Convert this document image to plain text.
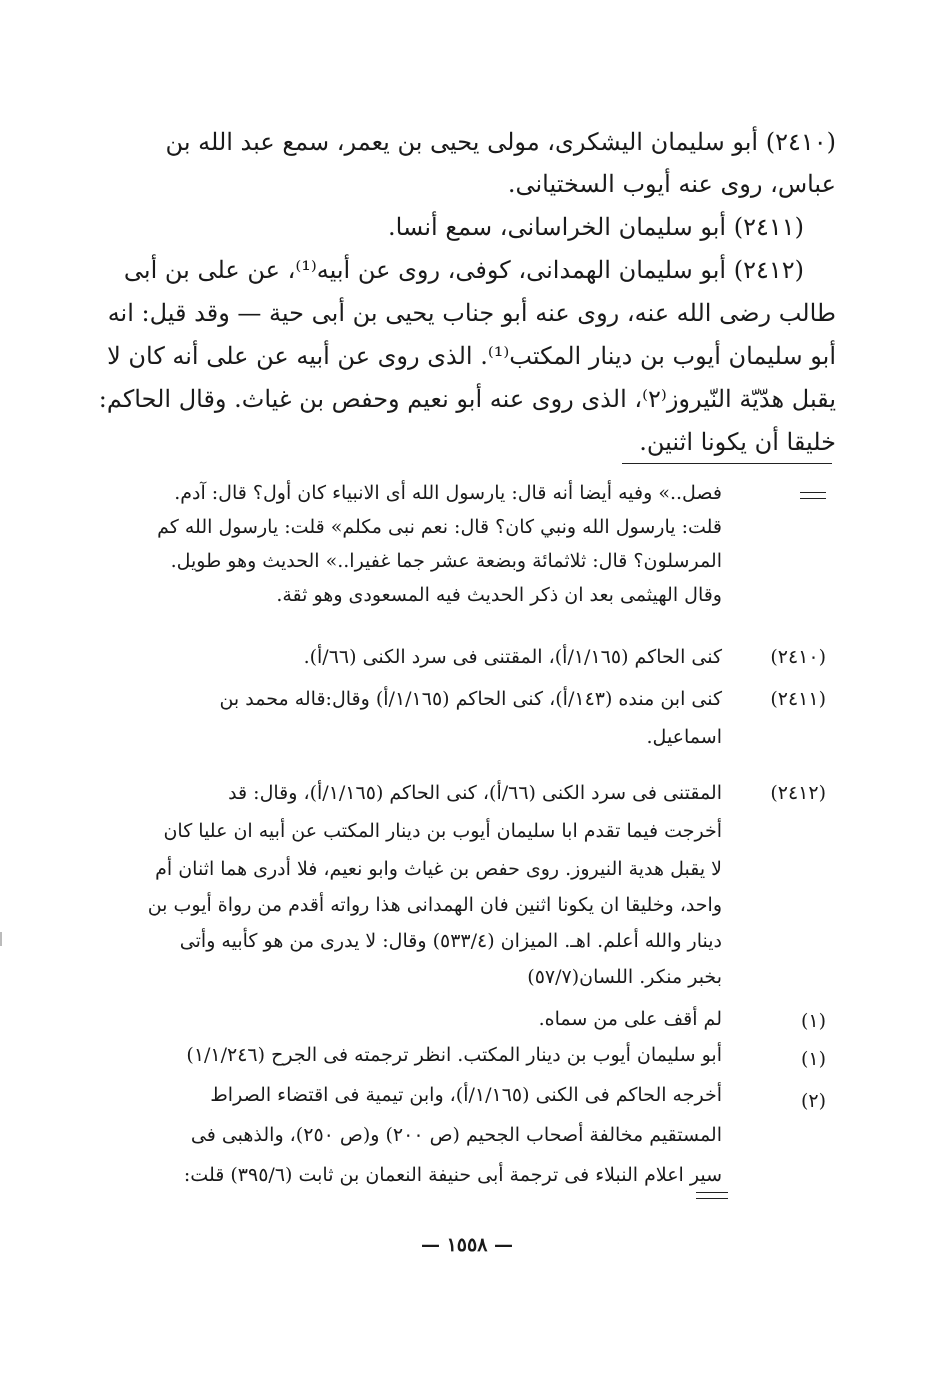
(٢٤١٠) أبو سليمان اليشكرى، مولى يحيى بن يعمر، سمع عبد الله بن

عباس، روى عنه أيوب السختيانى.

(٢٤١١) أبو سليمان الخراسانى، سمع أنسا.

(٢٤١٢) أبو سليمان الهمدانى، كوفى، روى عن أبيه⁽¹⁾، عن على بن أبى

طالب رضى الله عنه، روى عنه أبو جناب يحيى بن أبى حية — وقد قيل: انه

أبو سليمان أيوب بن دينار المكتب⁽¹⁾. الذى روى عن أبيه عن على أنه كان لا

يقبل هدّيّة النّيروز⁽٢⁾، الذى روى عنه أبو نعيم وحفص بن غياث. وقال الحاكم:

خليقا أن يكونا اثنين.

فصل..» وفيه أيضا أنه قال: يارسول الله أى الانبياء كان أول؟ قال: آدم.

قلت: يارسول الله ونبي كان؟ قال: نعم نبى مكلم» قلت: يارسول الله كم

المرسلون؟ قال: ثلاثمائة وبضعة عشر جما غفيرا..» الحديث وهو طويل.

وقال الهيثمى بعد ان ذكر الحديث فيه المسعودى وهو ثقة.

(٢٤١٠)

كنى الحاكم (١/١٦٥/أ)، المقتنى فى سرد الكنى (٦٦/أ).

(٢٤١١)

كنى ابن منده (١٤٣/أ)، كنى الحاكم (١/١٦٥/أ) وقال:قاله محمد بن

اسماعيل.

(٢٤١٢)

المقتنى فى سرد الكنى (٦٦/أ)، كنى الحاكم (١/١٦٥/أ)، وقال: قد

أخرجت فيما تقدم ابا سليمان أيوب بن دينار المكتب عن أبيه ان عليا كان

لا يقبل هدية النيروز. روى حفص بن غياث وابو نعيم، فلا أدرى هما اثنان أم

واحد، وخليقا ان يكونا اثنين فان الهمدانى هذا رواته أقدم من رواة أيوب بن

دينار والله أعلم. اهـ. الميزان (٥٣٣/٤) وقال: لا يدرى من هو كأبيه وأتى

بخبر منكر. اللسان(٥٧/٧)

(١)

لم أقف على من سماه.

(١)

أبو سليمان أيوب بن دينار المكتب. انظر ترجمته فى الجرح (١/١/٢٤٦)

(٢)

أخرجه الحاكم فى الكنى (١/١٦٥/أ)، وابن تيمية فى اقتضاء الصراط

المستقيم مخالفة أصحاب الجحيم (ص ٢٠٠) و(ص ٢٥٠)، والذهبى فى

سير اعلام النبلاء فى ترجمة أبى حنيفة النعمان بن ثابت (٣٩٥/٦) قلت:

— ١٥٥٨ —
